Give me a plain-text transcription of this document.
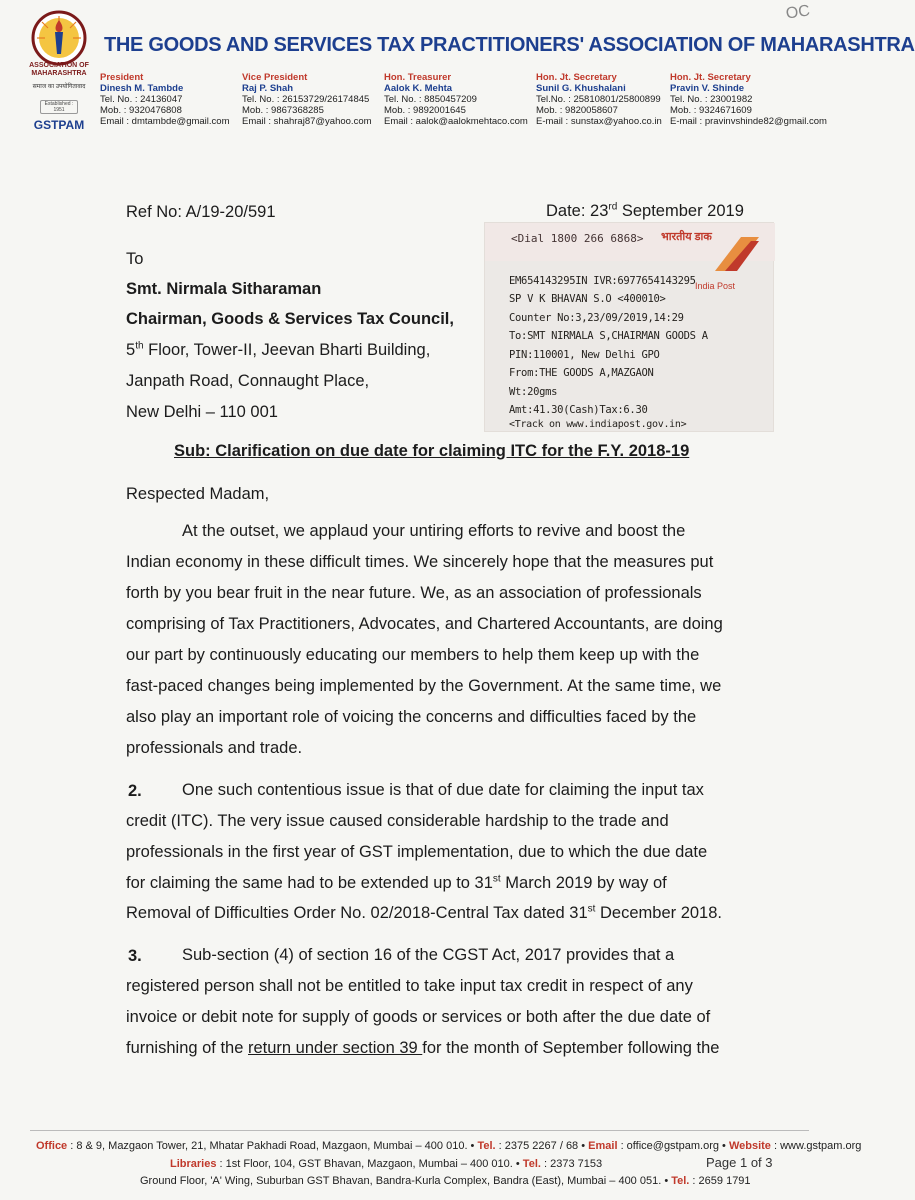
OC
ASSOCIATION OF MAHARASHTRA
समाज का उपयोगितावाद
Established : 1951
GSTPAM
THE GOODS AND SERVICES TAX PRACTITIONERS' ASSOCIATION OF MAHARASHTRA
President
Dinesh M. Tambde
Tel. No. : 24136047
Mob. : 9320476808
Email : dmtambde@gmail.com
Vice President
Raj P. Shah
Tel. No. : 26153729/26174845
Mob. : 9867368285
Email : shahraj87@yahoo.com
Hon. Treasurer
Aalok K. Mehta
Tel. No. : 8850457209
Mob. : 9892001645
Email : aalok@aalokmehtaco.com
Hon. Jt. Secretary
Sunil G. Khushalani
Tel.No. : 25810801/25800899
Mob. : 9820058607
E-mail : sunstax@yahoo.co.in
Hon. Jt. Secretary
Pravin V. Shinde
Tel. No. : 23001982
Mob. : 9324671609
E-mail : pravinvshinde82@gmail.com
Ref No: A/19-20/591	Date: 23rd September 2019
To
Smt. Nirmala Sitharaman
Chairman, Goods & Services Tax Council,
5th Floor, Tower-II, Jeevan Bharti Building,
Janpath Road, Connaught Place,
New Delhi – 110 001
Sub: Clarification on due date for claiming ITC for the F.Y. 2018-19
Respected Madam,
At the outset, we applaud your untiring efforts to revive and boost the
Indian economy in these difficult times. We sincerely hope that the measures put
forth by you bear fruit in the near future. We, as an association of professionals
comprising of Tax Practitioners, Advocates, and Chartered Accountants, are doing
our part by continuously educating our members to help them keep up with the
fast-paced changes being implemented by the Government. At the same time, we
also play an important role of voicing the concerns and difficulties faced by the
professionals and trade.
2. One such contentious issue is that of due date for claiming the input tax
credit (ITC). The very issue caused considerable hardship to the trade and
professionals in the first year of GST implementation, due to which the due date
for claiming the same had to be extended up to 31st March 2019 by way of
Removal of Difficulties Order No. 02/2018-Central Tax dated 31st December 2018.
3. Sub-section (4) of section 16 of the CGST Act, 2017 provides that a
registered person shall not be entitled to take input tax credit in respect of any
invoice or debit note for supply of goods or services or both after the due date of
furnishing of the return under section 39 for the month of September following the
<Dial 1800 266 6868> भारतीय डाक
India Post
EM654143295IN IVR:6977654143295
SP V K BHAVAN S.O <400010>
Counter No:3,23/09/2019,14:29
To:SMT NIRMALA S,CHAIRMAN GOODS A
PIN:110001, New Delhi GPO
From:THE GOODS A,MAZGAON
Wt:20gms
Amt:41.30(Cash)Tax:6.30
<Track on www.indiapost.gov.in>
Office : 8 & 9, Mazgaon Tower, 21, Mhatar Pakhadi Road, Mazgaon, Mumbai – 400 010. • Tel. : 2375 2267 / 68 • Email : office@gstpam.org • Website : www.gstpam.org
Libraries : 1st Floor, 104, GST Bhavan, Mazgaon, Mumbai – 400 010. • Tel. : 2373 7153
Ground Floor, 'A' Wing, Suburban GST Bhavan, Bandra-Kurla Complex, Bandra (East), Mumbai – 400 051. • Tel. : 2659 1791
Page 1 of 3
